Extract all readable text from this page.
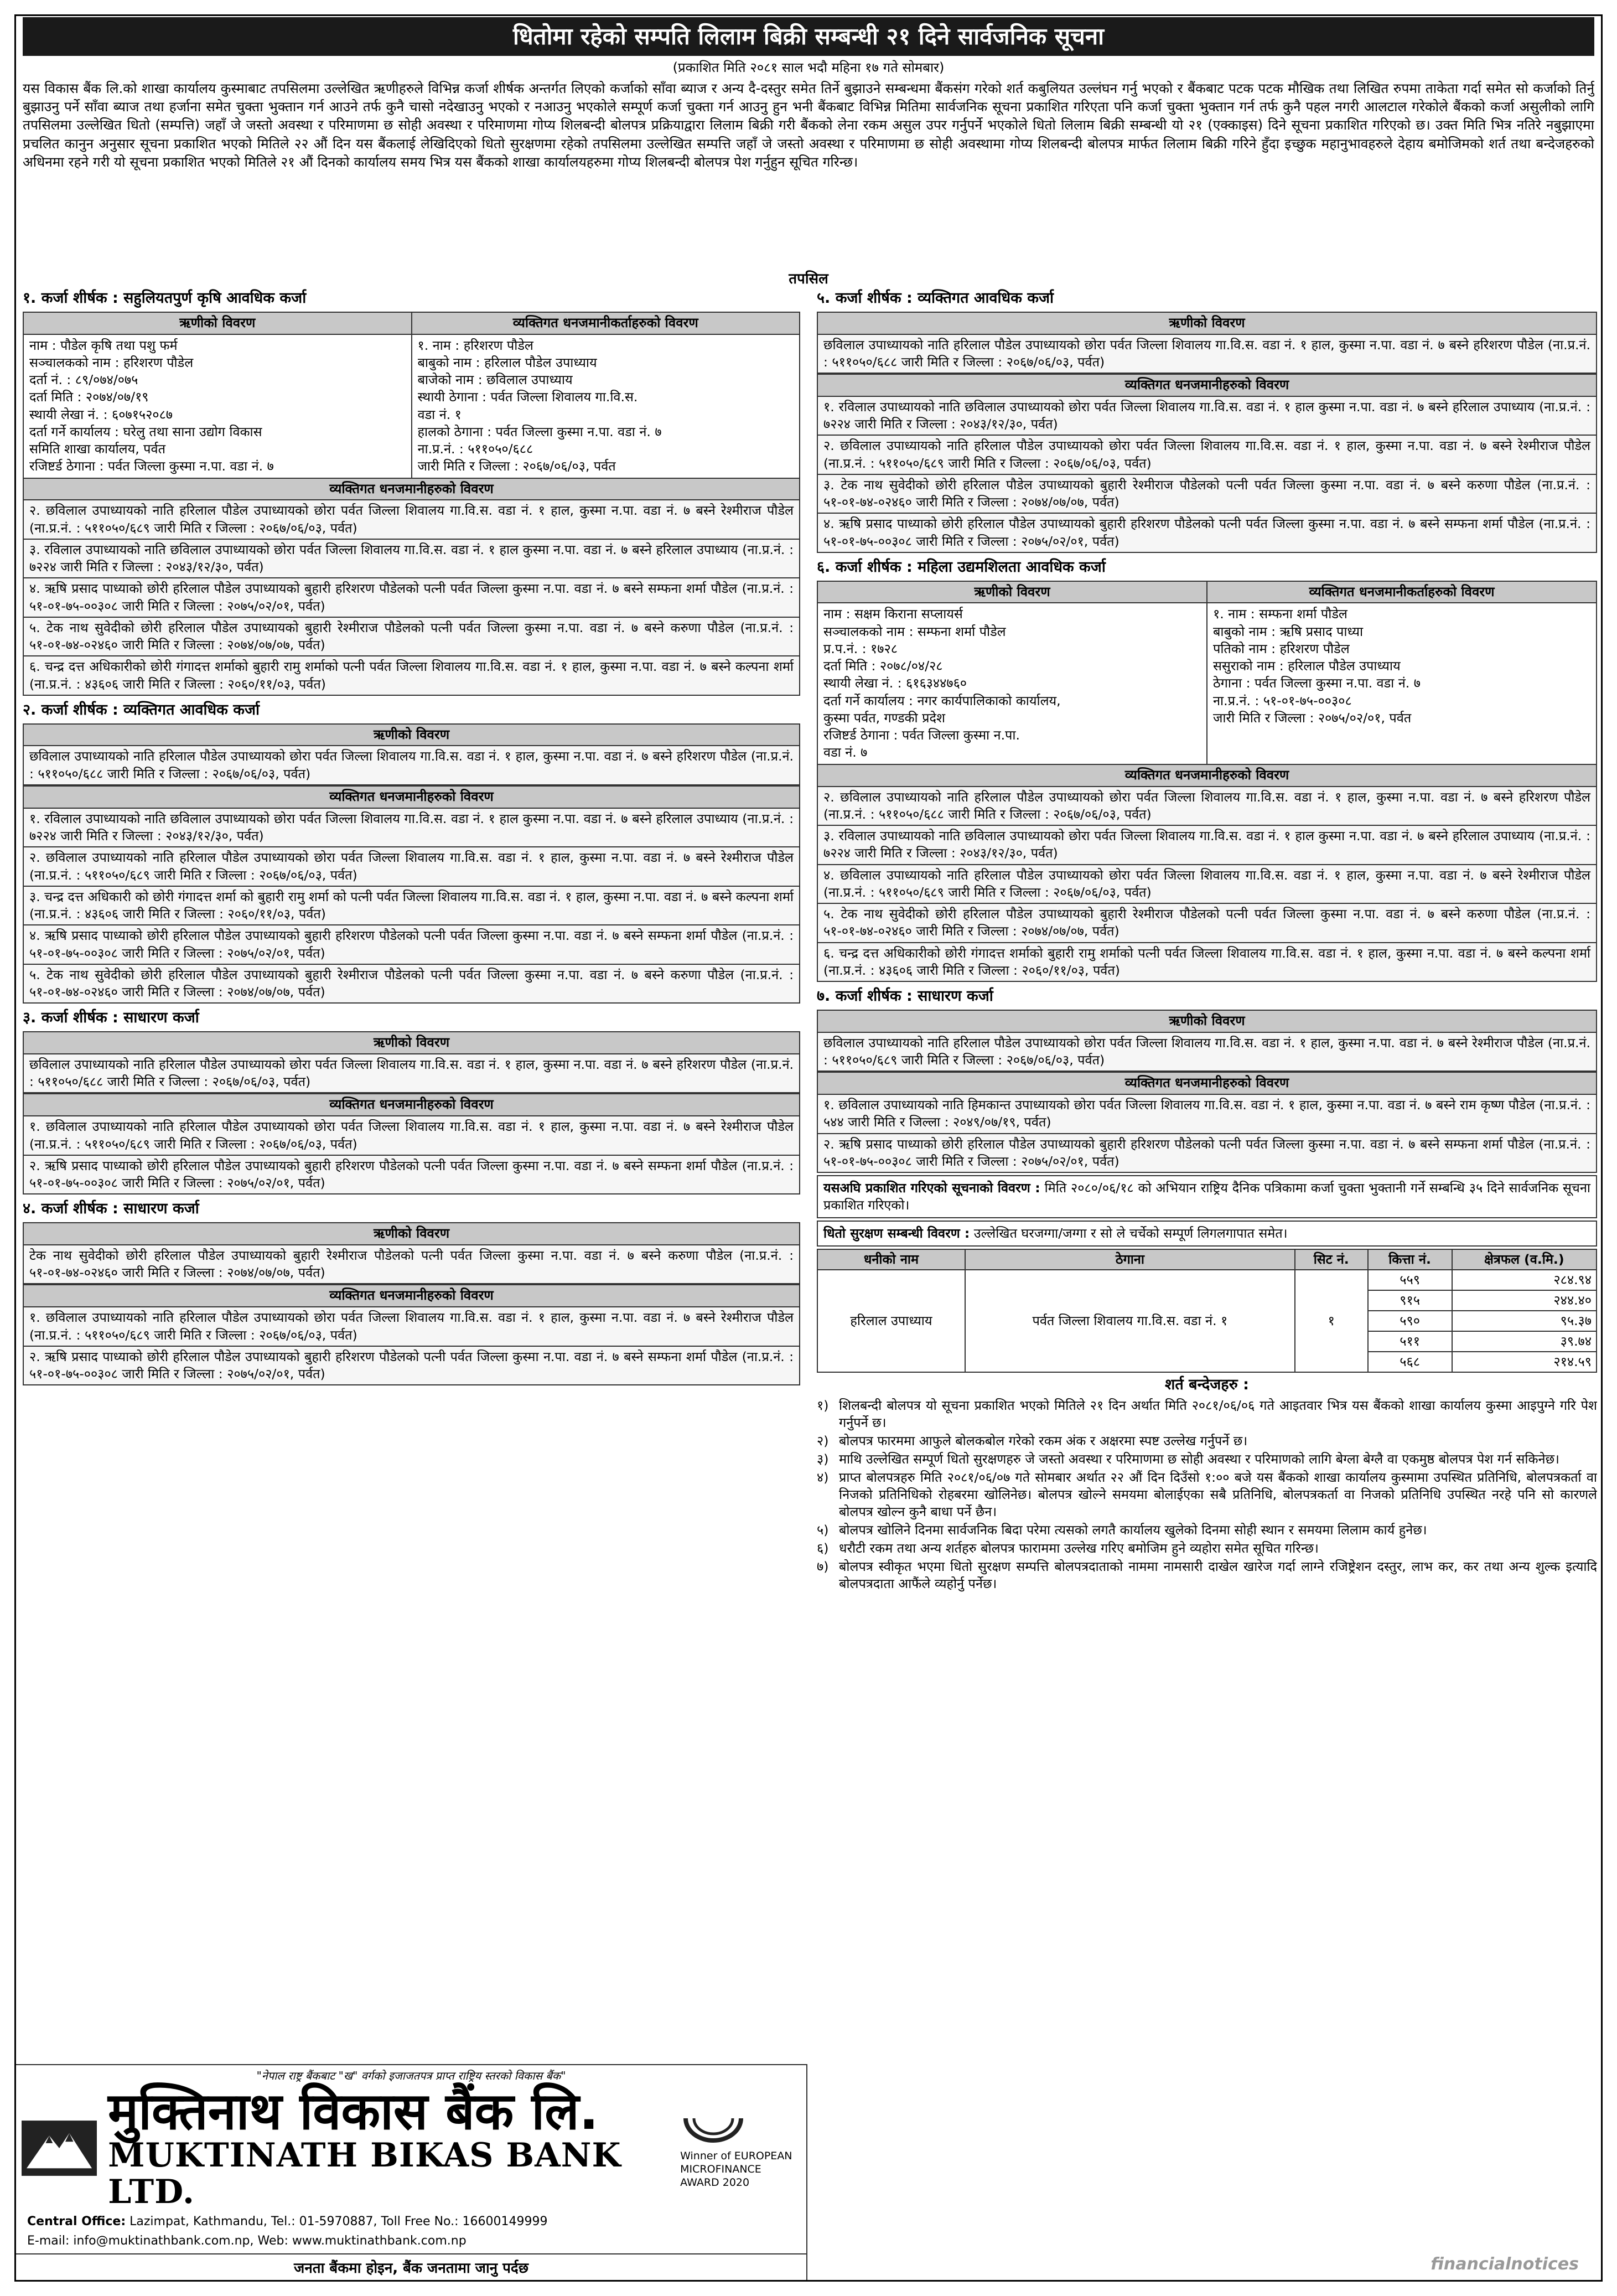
धितोमा रहेको सम्पति लिलाम बिक्री सम्बन्धी २१ दिने सार्वजनिक सूचना
(प्रकाशित मिति २०८१ साल भदौ महिना १७ गते सोमबार)
यस विकास बैंक लि.को शाखा कार्यालय कुस्माबाट तपसिलमा उल्लेखित ऋणीहरुले विभिन्न कर्जा शीर्षक अन्तर्गत लिएको कर्जाको साँवा ब्याज र अन्य दै-दस्तुर समेत तिर्ने बुझाउने सम्बन्धमा बैंकसंग गरेको शर्त कबुलियत उल्लंघन गर्नु भएको र बैंकबाट पटक पटक मौखिक तथा लिखित रुपमा ताकेता गर्दा समेत सो कर्जाको तिर्नु बुझाउनु पर्ने साँवा ब्याज तथा हर्जाना समेत चुक्ता भुक्तान गर्न आउने तर्फ कुनै चासो नदेखाउनु भएको र नआउनु भएकोले सम्पूर्ण कर्जा चुक्ता गर्न आउनु हुन भनी बैंकबाट विभिन्न मितिमा सार्वजनिक सूचना प्रकाशित गरिएता पनि कर्जा चुक्ता भुक्तान गर्न तर्फ कुनै पहल नगरी आलटाल गरेकोले बैंकको कर्जा असुलीको लागि तपसिलमा उल्लेखित धितो (सम्पत्ति) जहाँ जे जस्तो अवस्था र परिमाणमा छ सोही अवस्था र परिमाणमा गोप्य शिलबन्दी बोलपत्र प्रक्रियाद्वारा लिलाम बिक्री गरी बैंकको लेना रकम असुल उपर गर्नुपर्ने भएकोले धितो लिलाम बिक्री सम्बन्धी यो २१ (एक्काइस) दिने सूचना प्रकाशित गरिएको छ। उक्त मिति भित्र नतिरे नबुझाएमा प्रचलित कानुन अनुसार सूचना प्रकाशित भएको मितिले २२ औं दिन यस बैंकलाई लेखिदिएको धितो सुरक्षणमा रहेको तपसिलमा उल्लेखित सम्पत्ति जहाँ जे जस्तो अवस्था र परिमाणमा छ सोही अवस्थामा गोप्य शिलबन्दी बोलपत्र मार्फत लिलाम बिक्री गरिने हुँदा इच्छुक महानुभावहरुले देहाय बमोजिमको शर्त तथा बन्देजहरुको अधिनमा रहने गरी यो सूचना प्रकाशित भएको मितिले २१ औं दिनको कार्यालय समय भित्र यस बैंकको शाखा कार्यालयहरुमा गोप्य शिलबन्दी बोलपत्र पेश गर्नुहुन सूचित गरिन्छ।
तपसिल
१. कर्जा शीर्षक : सहुलियतपुर्ण कृषि आवधिक कर्जा
ऋणीको विवरण
नाम : पौडेल कृषि तथा पशु फर्म
सञ्चालकको नाम : हरिशरण पौडेल
दर्ता नं. : ८९/०७४/०७५
दर्ता मिति : २०७४/०७/१९
स्थायी लेखा नं. : ६०७१५२०८७
दर्ता गर्ने कार्यालय : घरेलु तथा साना उद्योग विकास
समिति शाखा कार्यालय, पर्वत
रजिष्टर्ड ठेगाना : पर्वत जिल्ला कुस्मा न.पा. वडा नं. ७
व्यक्तिगत धनजमानीकर्ताहरुको विवरण
१. नाम : हरिशरण पौडेल
बाबुको नाम : हरिलाल पौडेल उपाध्याय
बाजेको नाम : छविलाल उपाध्याय
स्थायी ठेगाना : पर्वत जिल्ला शिवालय गा.वि.स.
वडा नं. १
हालको ठेगाना : पर्वत जिल्ला कुस्मा न.पा. वडा नं. ७
ना.प्र.नं. : ५११०५०/६८८
जारी मिति र जिल्ला : २०६७/०६/०३, पर्वत
व्यक्तिगत धनजमानीहरुको विवरण
२. छविलाल उपाध्यायको नाति हरिलाल पौडेल उपाध्यायको छोरा पर्वत जिल्ला शिवालय गा.वि.स. वडा नं. १ हाल, कुस्मा न.पा. वडा नं. ७ बस्ने रेश्मीराज पौडेल (ना.प्र.नं. : ५११०५०/६८९ जारी मिति र जिल्ला : २०६७/०६/०३, पर्वत)
३. रविलाल उपाध्यायको नाति छविलाल उपाध्यायको छोरा पर्वत जिल्ला शिवालय गा.वि.स. वडा नं. १ हाल कुस्मा न.पा. वडा नं. ७ बस्ने हरिलाल उपाध्याय (ना.प्र.नं. : ७२२४ जारी मिति र जिल्ला : २०४३/१२/३०, पर्वत)
४. ऋषि प्रसाद पाध्याको छोरी हरिलाल पौडेल उपाध्यायको बुहारी हरिशरण पौडेलको पत्नी पर्वत जिल्ला कुस्मा न.पा. वडा नं. ७ बस्ने सम्फना शर्मा पौडेल (ना.प्र.नं. : ५१-०१-७५-००३०८ जारी मिति र जिल्ला : २०७५/०२/०१, पर्वत)
५. टेक नाथ सुवेदीको छोरी हरिलाल पौडेल उपाध्यायको बुहारी रेश्मीराज पौडेलको पत्नी पर्वत जिल्ला कुस्मा न.पा. वडा नं. ७ बस्ने करुणा पौडेल (ना.प्र.नं. : ५१-०१-७४-०२४६० जारी मिति र जिल्ला : २०७४/०७/०७, पर्वत)
६. चन्द्र दत्त अधिकारीको छोरी गंगादत्त शर्माको बुहारी रामु शर्माको पत्नी पर्वत जिल्ला शिवालय गा.वि.स. वडा नं. १ हाल, कुस्मा न.पा. वडा नं. ७ बस्ने कल्पना शर्मा (ना.प्र.नं. : ४३६०६ जारी मिति र जिल्ला : २०६०/११/०३, पर्वत)
२. कर्जा शीर्षक : व्यक्तिगत आवधिक कर्जा
ऋणीको विवरण
छविलाल उपाध्यायको नाति हरिलाल पौडेल उपाध्यायको छोरा पर्वत जिल्ला शिवालय गा.वि.स. वडा नं. १ हाल, कुस्मा न.पा. वडा नं. ७ बस्ने हरिशरण पौडेल (ना.प्र.नं. : ५११०५०/६८८ जारी मिति र जिल्ला : २०६७/०६/०३, पर्वत)
व्यक्तिगत धनजमानीहरुको विवरण
१. रविलाल उपाध्यायको नाति छविलाल उपाध्यायको छोरा पर्वत जिल्ला शिवालय गा.वि.स. वडा नं. १ हाल कुस्मा न.पा. वडा नं. ७ बस्ने हरिलाल उपाध्याय (ना.प्र.नं. : ७२२४ जारी मिति र जिल्ला : २०४३/१२/३०, पर्वत)
२. छविलाल उपाध्यायको नाति हरिलाल पौडेल उपाध्यायको छोरा पर्वत जिल्ला शिवालय गा.वि.स. वडा नं. १ हाल, कुस्मा न.पा. वडा नं. ७ बस्ने रेश्मीराज पौडेल (ना.प्र.नं. : ५११०५०/६८९ जारी मिति र जिल्ला : २०६७/०६/०३, पर्वत)
३. चन्द्र दत्त अधिकारी को छोरी गंगादत्त शर्मा को बुहारी रामु शर्मा को पत्नी पर्वत जिल्ला शिवालय गा.वि.स. वडा नं. १ हाल, कुस्मा न.पा. वडा नं. ७ बस्ने कल्पना शर्मा (ना.प्र.नं. : ४३६०६ जारी मिति र जिल्ला : २०६०/११/०३, पर्वत)
४. ऋषि प्रसाद पाध्याको छोरी हरिलाल पौडेल उपाध्यायको बुहारी हरिशरण पौडेलको पत्नी पर्वत जिल्ला कुस्मा न.पा. वडा नं. ७ बस्ने सम्फना शर्मा पौडेल (ना.प्र.नं. : ५१-०१-७५-००३०८ जारी मिति र जिल्ला : २०७५/०२/०१, पर्वत)
५. टेक नाथ सुवेदीको छोरी हरिलाल पौडेल उपाध्यायको बुहारी रेश्मीराज पौडेलको पत्नी पर्वत जिल्ला कुस्मा न.पा. वडा नं. ७ बस्ने करुणा पौडेल (ना.प्र.नं. : ५१-०१-७४-०२४६० जारी मिति र जिल्ला : २०७४/०७/०७, पर्वत)
३. कर्जा शीर्षक : साधारण कर्जा
ऋणीको विवरण
छविलाल उपाध्यायको नाति हरिलाल पौडेल उपाध्यायको छोरा पर्वत जिल्ला शिवालय गा.वि.स. वडा नं. १ हाल, कुस्मा न.पा. वडा नं. ७ बस्ने हरिशरण पौडेल (ना.प्र.नं. : ५११०५०/६८८ जारी मिति र जिल्ला : २०६७/०६/०३, पर्वत)
व्यक्तिगत धनजमानीहरुको विवरण
१. छविलाल उपाध्यायको नाति हरिलाल पौडेल उपाध्यायको छोरा पर्वत जिल्ला शिवालय गा.वि.स. वडा नं. १ हाल, कुस्मा न.पा. वडा नं. ७ बस्ने रेश्मीराज पौडेल (ना.प्र.नं. : ५११०५०/६८९ जारी मिति र जिल्ला : २०६७/०६/०३, पर्वत)
२. ऋषि प्रसाद पाध्याको छोरी हरिलाल पौडेल उपाध्यायको बुहारी हरिशरण पौडेलको पत्नी पर्वत जिल्ला कुस्मा न.पा. वडा नं. ७ बस्ने सम्फना शर्मा पौडेल (ना.प्र.नं. : ५१-०१-७५-००३०८ जारी मिति र जिल्ला : २०७५/०२/०१, पर्वत)
४. कर्जा शीर्षक : साधारण कर्जा
ऋणीको विवरण
टेक नाथ सुवेदीको छोरी हरिलाल पौडेल उपाध्यायको बुहारी रेश्मीराज पौडेलको पत्नी पर्वत जिल्ला कुस्मा न.पा. वडा नं. ७ बस्ने करुणा पौडेल (ना.प्र.नं. : ५१-०१-७४-०२४६० जारी मिति र जिल्ला : २०७४/०७/०७, पर्वत)
व्यक्तिगत धनजमानीहरुको विवरण
१. छविलाल उपाध्यायको नाति हरिलाल पौडेल उपाध्यायको छोरा पर्वत जिल्ला शिवालय गा.वि.स. वडा नं. १ हाल, कुस्मा न.पा. वडा नं. ७ बस्ने रेश्मीराज पौडेल (ना.प्र.नं. : ५११०५०/६८९ जारी मिति र जिल्ला : २०६७/०६/०३, पर्वत)
२. ऋषि प्रसाद पाध्याको छोरी हरिलाल पौडेल उपाध्यायको बुहारी हरिशरण पौडेलको पत्नी पर्वत जिल्ला कुस्मा न.पा. वडा नं. ७ बस्ने सम्फना शर्मा पौडेल (ना.प्र.नं. : ५१-०१-७५-००३०८ जारी मिति र जिल्ला : २०७५/०२/०१, पर्वत)
५. कर्जा शीर्षक : व्यक्तिगत आवधिक कर्जा
ऋणीको विवरण
छविलाल उपाध्यायको नाति हरिलाल पौडेल उपाध्यायको छोरा पर्वत जिल्ला शिवालय गा.वि.स. वडा नं. १ हाल, कुस्मा न.पा. वडा नं. ७ बस्ने हरिशरण पौडेल (ना.प्र.नं. : ५११०५०/६८८ जारी मिति र जिल्ला : २०६७/०६/०३, पर्वत)
व्यक्तिगत धनजमानीहरुको विवरण
१. रविलाल उपाध्यायको नाति छविलाल उपाध्यायको छोरा पर्वत जिल्ला शिवालय गा.वि.स. वडा नं. १ हाल कुस्मा न.पा. वडा नं. ७ बस्ने हरिलाल उपाध्याय (ना.प्र.नं. : ७२२४ जारी मिति र जिल्ला : २०४३/१२/३०, पर्वत)
२. छविलाल उपाध्यायको नाति हरिलाल पौडेल उपाध्यायको छोरा पर्वत जिल्ला शिवालय गा.वि.स. वडा नं. १ हाल, कुस्मा न.पा. वडा नं. ७ बस्ने रेश्मीराज पौडेल (ना.प्र.नं. : ५११०५०/६८९ जारी मिति र जिल्ला : २०६७/०६/०३, पर्वत)
३. टेक नाथ सुवेदीको छोरी हरिलाल पौडेल उपाध्यायको बुहारी रेश्मीराज पौडेलको पत्नी पर्वत जिल्ला कुस्मा न.पा. वडा नं. ७ बस्ने करुणा पौडेल (ना.प्र.नं. : ५१-०१-७४-०२४६० जारी मिति र जिल्ला : २०७४/०७/०७, पर्वत)
४. ऋषि प्रसाद पाध्याको छोरी हरिलाल पौडेल उपाध्यायको बुहारी हरिशरण पौडेलको पत्नी पर्वत जिल्ला कुस्मा न.पा. वडा नं. ७ बस्ने सम्फना शर्मा पौडेल (ना.प्र.नं. : ५१-०१-७५-००३०८ जारी मिति र जिल्ला : २०७५/०२/०१, पर्वत)
६. कर्जा शीर्षक : महिला उद्यमशिलता आवधिक कर्जा
ऋणीको विवरण
नाम : सक्षम किराना सप्लायर्स
सञ्चालकको नाम : सम्फना शर्मा पौडेल
प्र.प.नं. : १७२८
दर्ता मिति : २०७८/०४/२८
स्थायी लेखा नं. : ६१६३४४७६०
दर्ता गर्ने कार्यालय : नगर कार्यपालिकाको कार्यालय,
कुस्मा पर्वत, गण्डकी प्रदेश
रजिष्टर्ड ठेगाना : पर्वत जिल्ला कुस्मा न.पा.
वडा नं. ७
व्यक्तिगत धनजमानीकर्ताहरुको विवरण
१. नाम : सम्फना शर्मा पौडेल
बाबुको नाम : ऋषि प्रसाद पाध्या
पतिको नाम : हरिशरण पौडेल
ससुराको नाम : हरिलाल पौडेल उपाध्याय
ठेगाना : पर्वत जिल्ला कुस्मा न.पा. वडा नं. ७
ना.प्र.नं. : ५१-०१-७५-००३०८
जारी मिति र जिल्ला : २०७५/०२/०१, पर्वत
व्यक्तिगत धनजमानीहरुको विवरण
२. छविलाल उपाध्यायको नाति हरिलाल पौडेल उपाध्यायको छोरा पर्वत जिल्ला शिवालय गा.वि.स. वडा नं. १ हाल, कुस्मा न.पा. वडा नं. ७ बस्ने हरिशरण पौडेल (ना.प्र.नं. : ५११०५०/६८८ जारी मिति र जिल्ला : २०६७/०६/०३, पर्वत)
३. रविलाल उपाध्यायको नाति छविलाल उपाध्यायको छोरा पर्वत जिल्ला शिवालय गा.वि.स. वडा नं. १ हाल कुस्मा न.पा. वडा नं. ७ बस्ने हरिलाल उपाध्याय (ना.प्र.नं. : ७२२४ जारी मिति र जिल्ला : २०४३/१२/३०, पर्वत)
४. छविलाल उपाध्यायको नाति हरिलाल पौडेल उपाध्यायको छोरा पर्वत जिल्ला शिवालय गा.वि.स. वडा नं. १ हाल, कुस्मा न.पा. वडा नं. ७ बस्ने रेश्मीराज पौडेल (ना.प्र.नं. : ५११०५०/६८९ जारी मिति र जिल्ला : २०६७/०६/०३, पर्वत)
५. टेक नाथ सुवेदीको छोरी हरिलाल पौडेल उपाध्यायको बुहारी रेश्मीराज पौडेलको पत्नी पर्वत जिल्ला कुस्मा न.पा. वडा नं. ७ बस्ने करुणा पौडेल (ना.प्र.नं. : ५१-०१-७४-०२४६० जारी मिति र जिल्ला : २०७४/०७/०७, पर्वत)
६. चन्द्र दत्त अधिकारीको छोरी गंगादत्त शर्माको बुहारी रामु शर्माको पत्नी पर्वत जिल्ला शिवालय गा.वि.स. वडा नं. १ हाल, कुस्मा न.पा. वडा नं. ७ बस्ने कल्पना शर्मा (ना.प्र.नं. : ४३६०६ जारी मिति र जिल्ला : २०६०/११/०३, पर्वत)
७. कर्जा शीर्षक : साधारण कर्जा
ऋणीको विवरण
छविलाल उपाध्यायको नाति हरिलाल पौडेल उपाध्यायको छोरा पर्वत जिल्ला शिवालय गा.वि.स. वडा नं. १ हाल, कुस्मा न.पा. वडा नं. ७ बस्ने रेश्मीराज पौडेल (ना.प्र.नं. : ५११०५०/६८९ जारी मिति र जिल्ला : २०६७/०६/०३, पर्वत)
व्यक्तिगत धनजमानीहरुको विवरण
१. छविलाल उपाध्यायको नाति हिमकान्त उपाध्यायको छोरा पर्वत जिल्ला शिवालय गा.वि.स. वडा नं. १ हाल, कुस्मा न.पा. वडा नं. ७ बस्ने राम कृष्ण पौडेल (ना.प्र.नं. : ५४४ जारी मिति र जिल्ला : २०४९/०७/१९, पर्वत)
२. ऋषि प्रसाद पाध्याको छोरी हरिलाल पौडेल उपाध्यायको बुहारी हरिशरण पौडेलको पत्नी पर्वत जिल्ला कुस्मा न.पा. वडा नं. ७ बस्ने सम्फना शर्मा पौडेल (ना.प्र.नं. : ५१-०१-७५-००३०८ जारी मिति र जिल्ला : २०७५/०२/०१, पर्वत)
यसअघि प्रकाशित गरिएको सूचनाको विवरण : मिति २०८०/०६/१८ को अभियान राष्ट्रिय दैनिक पत्रिकामा कर्जा चुक्ता भुक्तानी गर्ने सम्बन्धि ३५ दिने सार्वजनिक सूचना प्रकाशित गरिएको।
धितो सुरक्षण सम्बन्धी विवरण : उल्लेखित घरजग्गा/जग्गा र सो ले चर्चेको सम्पूर्ण लिगलगापात समेत।
धनीको नाम	ठेगाना	सिट नं.	कित्ता नं.	क्षेत्रफल (व.मि.)
हरिलाल उपाध्याय	पर्वत जिल्ला शिवालय गा.वि.स. वडा नं. १	१	५५९	२८४.९४
			९१५	२४४.४०
			५९०	९५.३७
			५११	३९.७४
			५६८	२१४.५९
शर्त बन्देजहरु :
१) शिलबन्दी बोलपत्र यो सूचना प्रकाशित भएको मितिले २१ दिन अर्थात मिति २०८१/०६/०६ गते आइतवार भित्र यस बैंकको शाखा कार्यालय कुस्मा आइपुग्ने गरि पेश गर्नुपर्ने छ।
२) बोलपत्र फारममा आफुले बोलकबोल गरेको रकम अंक र अक्षरमा स्पष्ट उल्लेख गर्नुपर्ने छ।
३) माथि उल्लेखित सम्पूर्ण धितो सुरक्षणहरु जे जस्तो अवस्था र परिमाणमा छ सोही अवस्था र परिमाणको लागि बेग्ला बेग्लै वा एकमुष्ठ बोलपत्र पेश गर्न सकिनेछ।
४) प्राप्त बोलपत्रहरु मिति २०८१/०६/०७ गते सोमबार अर्थात २२ औं दिन दिउँसो १:०० बजे यस बैंकको शाखा कार्यालय कुस्मामा उपस्थित प्रतिनिधि, बोलपत्रकर्ता वा निजको प्रतिनिधिको रोहबरमा खोलिनेछ। बोलपत्र खोल्ने समयमा बोलाईएका सबै प्रतिनिधि, बोलपत्रकर्ता वा निजको प्रतिनिधि उपस्थित नरहे पनि सो कारणले बोलपत्र खोल्न कुनै बाधा पर्ने छैन।
५) बोलपत्र खोलिने दिनमा सार्वजनिक बिदा परेमा त्यसको लगतै कार्यालय खुलेको दिनमा सोही स्थान र समयमा लिलाम कार्य हुनेछ।
६) धरौटी रकम तथा अन्य शर्तहरु बोलपत्र फाराममा उल्लेख गरिए बमोजिम हुने व्यहोरा समेत सूचित गरिन्छ।
७) बोलपत्र स्वीकृत भएमा धितो सुरक्षण सम्पत्ति बोलपत्रदाताको नाममा नामसारी दाखेल खारेज गर्दा लाग्ने रजिष्ट्रेशन दस्तुर, लाभ कर, कर तथा अन्य शुल्क इत्यादि बोलपत्रदाता आफैंले व्यहोर्नु पर्नेछ।
"नेपाल राष्ट्र बैंकबाट "ख" वर्गको इजाजतपत्र प्राप्त राष्ट्रिय स्तरको विकास बैंक"
मुक्तिनाथ विकास बैंक लि.
MUKTINATH BIKAS BANK LTD.
Winner of EUROPEAN MICROFINANCE AWARD 2020
Central Office: Lazimpat, Kathmandu, Tel.: 01-5970887, Toll Free No.: 16600149999
E-mail: info@muktinathbank.com.np, Web: www.muktinathbank.com.np
जनता बैंकमा होइन, बैंक जनतामा जानु पर्दछ	financialnotices
